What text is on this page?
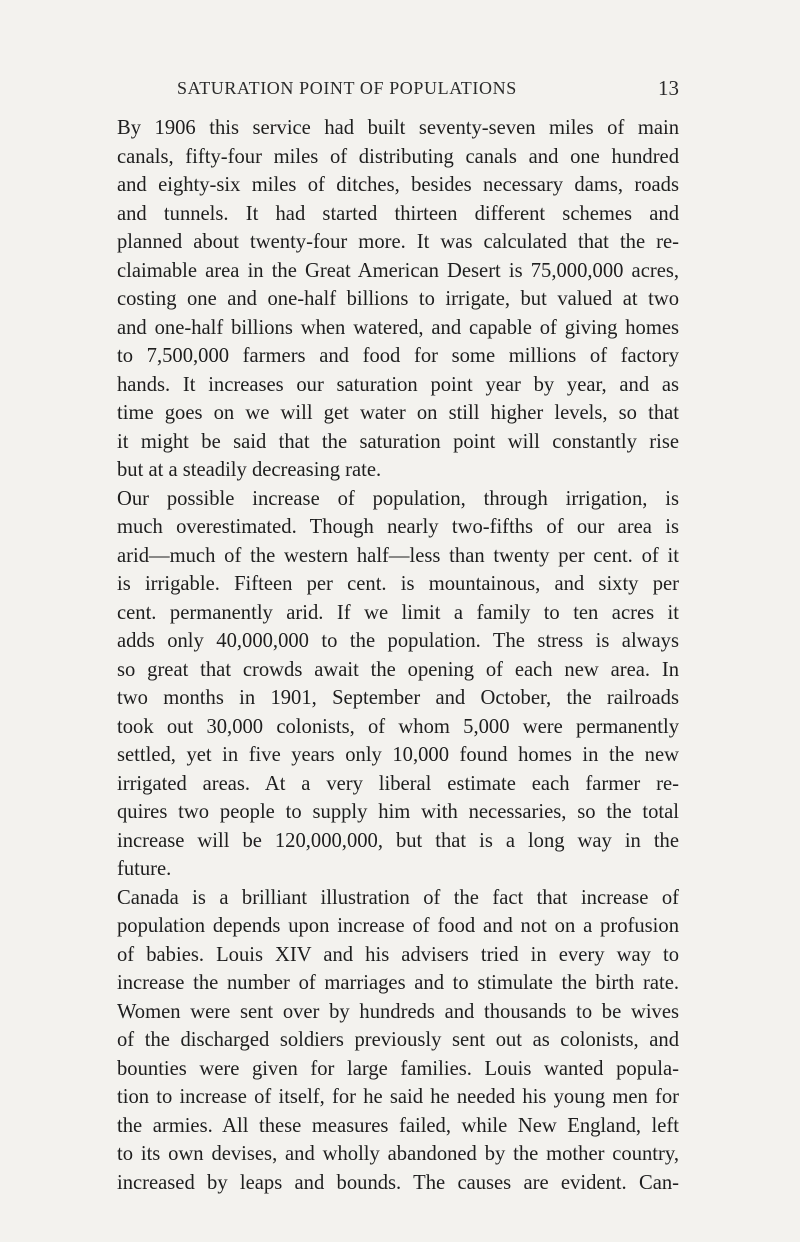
SATURATION POINT OF POPULATIONS	13
By 1906 this service had built seventy-seven miles of main
canals, fifty-four miles of distributing canals and one hundred
and eighty-six miles of ditches, besides necessary dams, roads
and tunnels. It had started thirteen different schemes and
planned about twenty-four more. It was calculated that the re-
claimable area in the Great American Desert is 75,000,000 acres,
costing one and one-half billions to irrigate, but valued at two
and one-half billions when watered, and capable of giving homes
to 7,500,000 farmers and food for some millions of factory
hands. It increases our saturation point year by year, and as
time goes on we will get water on still higher levels, so that
it might be said that the saturation point will constantly rise
but at a steadily decreasing rate.
Our possible increase of population, through irrigation, is
much overestimated. Though nearly two-fifths of our area is
arid—much of the western half—less than twenty per cent. of it
is irrigable. Fifteen per cent. is mountainous, and sixty per
cent. permanently arid. If we limit a family to ten acres it
adds only 40,000,000 to the population. The stress is always
so great that crowds await the opening of each new area. In
two months in 1901, September and October, the railroads
took out 30,000 colonists, of whom 5,000 were permanently
settled, yet in five years only 10,000 found homes in the new
irrigated areas. At a very liberal estimate each farmer re-
quires two people to supply him with necessaries, so the total
increase will be 120,000,000, but that is a long way in the
future.
Canada is a brilliant illustration of the fact that increase of
population depends upon increase of food and not on a profusion
of babies. Louis XIV and his advisers tried in every way to
increase the number of marriages and to stimulate the birth rate.
Women were sent over by hundreds and thousands to be wives
of the discharged soldiers previously sent out as colonists, and
bounties were given for large families. Louis wanted popula-
tion to increase of itself, for he said he needed his young men for
the armies. All these measures failed, while New England, left
to its own devises, and wholly abandoned by the mother country,
increased by leaps and bounds. The causes are evident. Can-
